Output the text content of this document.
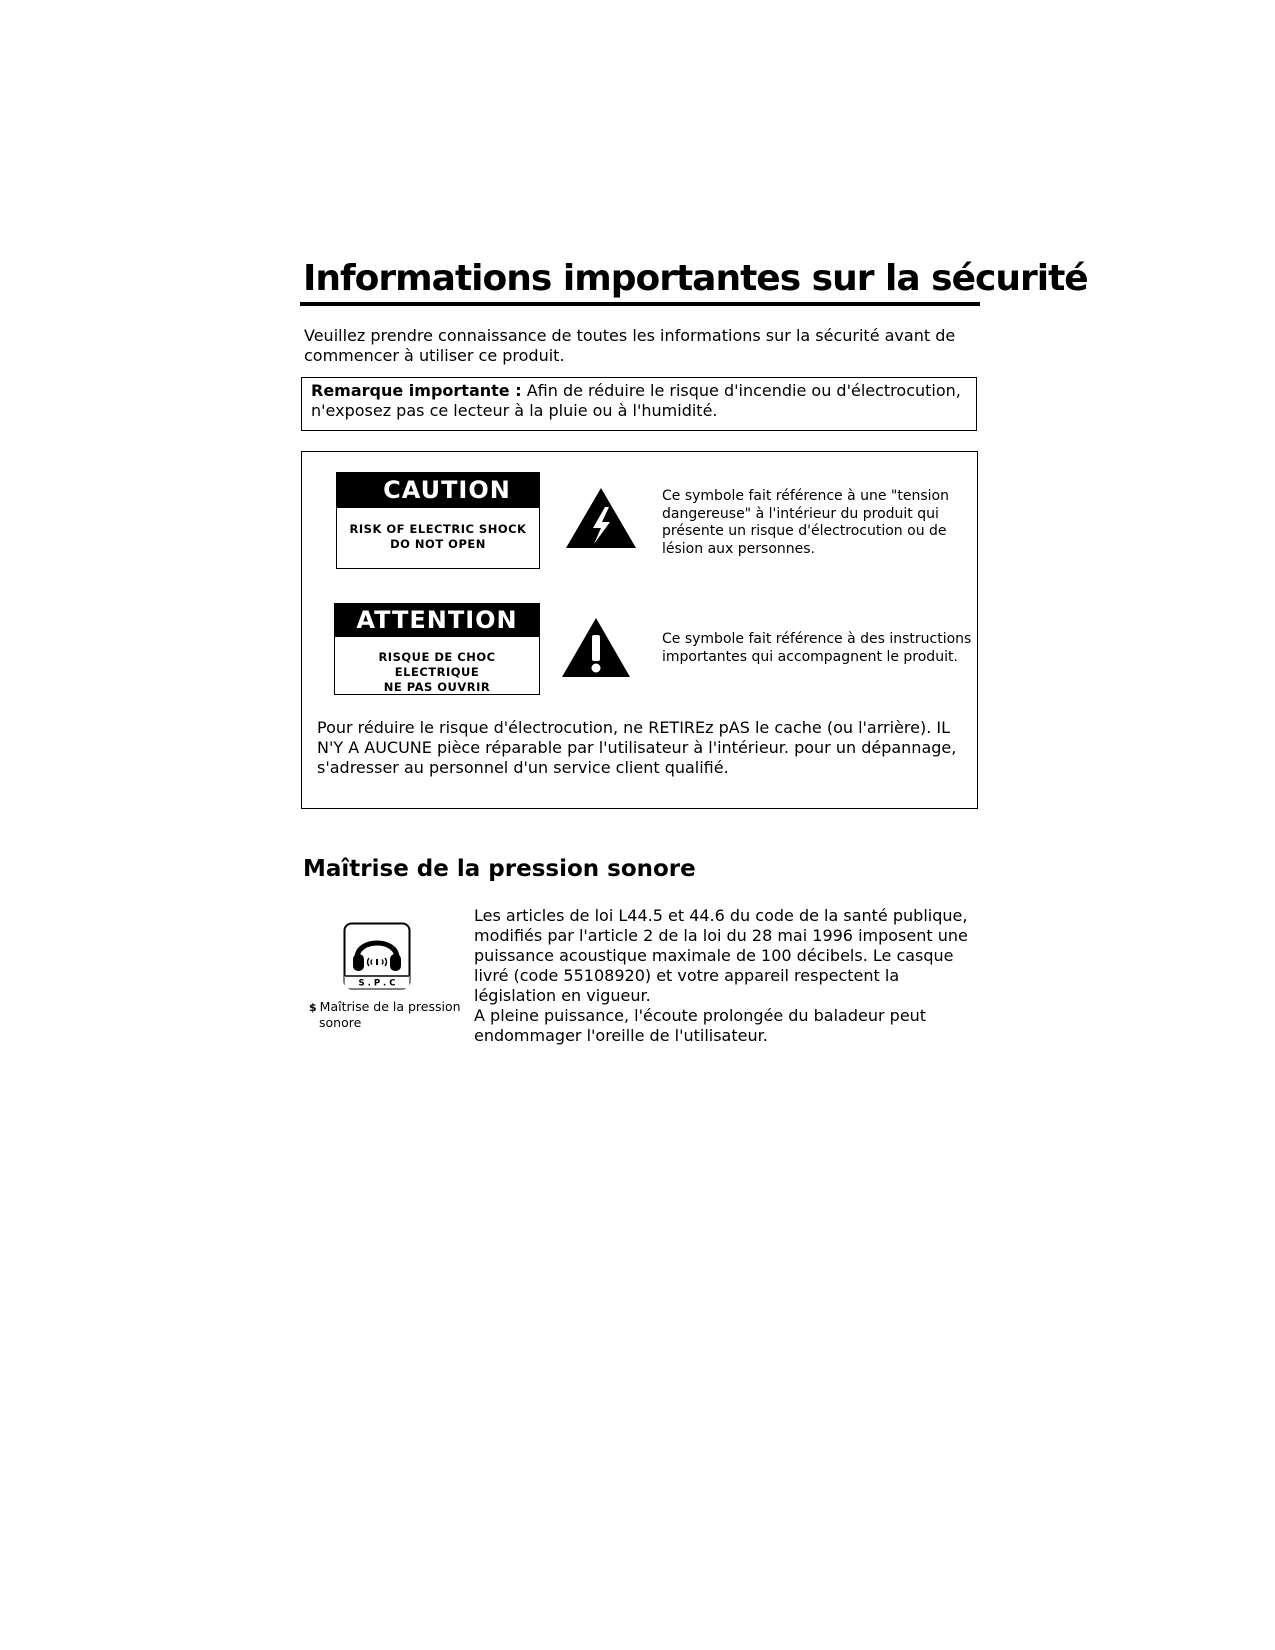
Informations importantes sur la sécurité
Veuillez prendre connaissance de toutes les informations sur la sécurité avant de commencer à utiliser ce produit.
Remarque importante : Afin de réduire le risque d'incendie ou d'électrocution, n'exposez pas ce lecteur à la pluie ou à l'humidité.
CAUTION
RISK OF ELECTRIC SHOCK
DO NOT OPEN
Ce symbole fait référence à une "tension dangereuse" à l'intérieur du produit qui présente un risque d'électrocution ou de lésion aux personnes.
ATTENTION
RISQUE DE CHOC ELECTRIQUE
NE PAS OUVRIR
Ce symbole fait référence à des instructions importantes qui accompagnent le produit.
Pour réduire le risque d'électrocution, ne RETIREz pAS le cache (ou l'arrière). IL N'Y A AUCUNE pièce réparable par l'utilisateur à l'intérieur. pour un dépannage, s'adresser au personnel d'un service client qualifié.
Maîtrise de la pression sonore
S . P . C
$ Maîtrise de la pression
sonore
Les articles de loi L44.5 et 44.6 du code de la santé publique, modifiés par l'article 2 de la loi du 28 mai 1996 imposent une puissance acoustique maximale de 100 décibels. Le casque livré (code 55108920) et votre appareil respectent la législation en vigueur.
A pleine puissance, l'écoute prolongée du baladeur peut endommager l'oreille de l'utilisateur.
